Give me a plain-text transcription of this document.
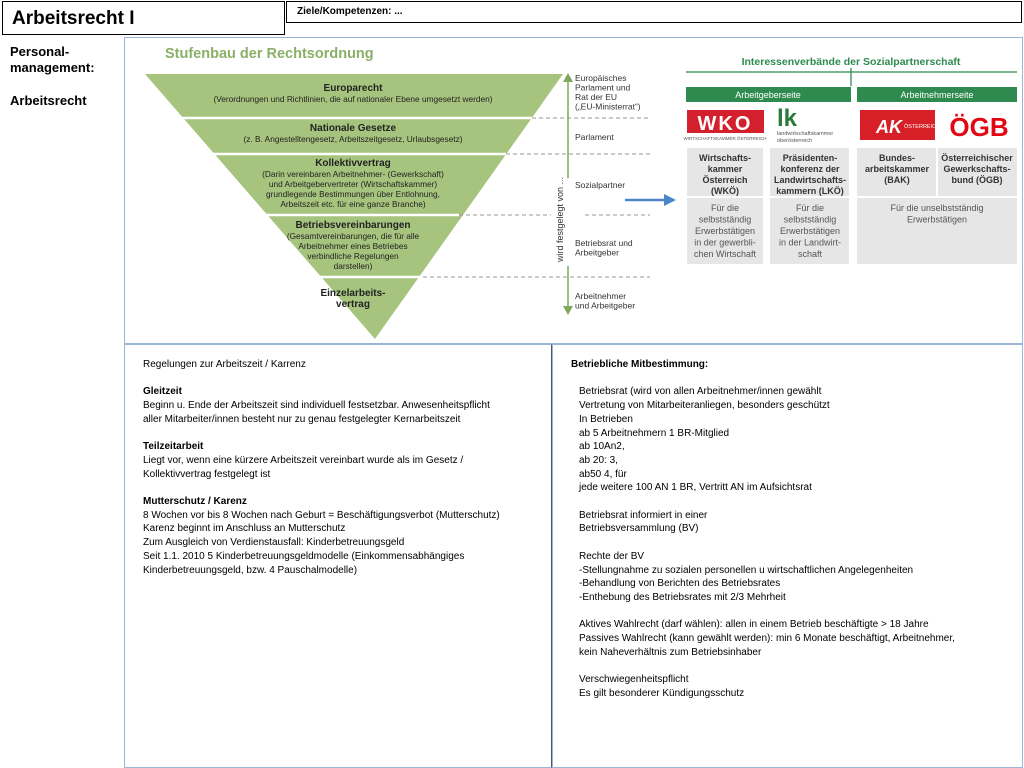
Arbeitsrecht I	Ziele/Kompetenzen: ...
Personal-
management:
Arbeitsrecht
Stufenbau der Rechtsordnung
Europarecht
(Verordnungen und Richtlinien, die auf nationaler Ebene umgesetzt werden)
Nationale Gesetze
(z. B. Angestelltengesetz, Arbeitszeitgesetz, Urlaubsgesetz)
Kollektivvertrag
(Darin vereinbaren Arbeitnehmer- (Gewerkschaft)
und Arbeitgebervertreter (Wirtschaftskammer)
grundlegende Bestimmungen über Entlohnung,
Arbeitszeit etc. für eine ganze Branche)
Betriebsvereinbarungen
(Gesamtvereinbarungen, die für alle
Arbeitnehmer eines Betriebes
verbindliche Regelungen
darstellen)
Einzelarbeits-
vertrag
wird festgelegt von ...
Europäisches
Parlament und
Rat der EU
(„EU-Ministerrat“)
Parlament
Sozialpartner
Betriebsrat und
Arbeitgeber
Arbeitnehmer
und Arbeitgeber
Interessenverbände der Sozialpartnerschaft
Arbeitgeberseite	Arbeitnehmerseite
WKO
WIRTSCHAFTSKAMMER ÖSTERREICH
lk
landwirtschaftskammer
oberösterreich
AK ÖSTERREICH ÖGB
Wirtschafts-
kammer
Österreich
(WKÖ)
Präsidenten-
konferenz der
Landwirtschafts-
kammern (LKÖ)
Bundes-
arbeitskammer
(BAK)
Österreichischer
Gewerkschafts-
bund (ÖGB)
Für die
selbstständig
Erwerbstätigen
in der gewerbli-
chen Wirtschaft
Für die
selbstständig
Erwerbstätigen
in der Landwirt-
schaft
Für die unselbstständig
Erwerbstätigen

Regelungen zur Arbeitszeit / Karrenz

Gleitzeit

Beginn u. Ende der Arbeitszeit sind individuell festsetzbar. Anwesenheitspflicht

aller Mitarbeiter/innen besteht nur zu genau festgelegter Kernarbeitszeit

Teilzeitarbeit

Liegt vor, wenn eine kürzere Arbeitszeit vereinbart wurde als im Gesetz /

Kollektivvertrag festgelegt ist

Mutterschutz / Karenz

8 Wochen vor bis 8 Wochen nach Geburt = Beschäftigungsverbot (Mutterschutz)

Karenz beginnt im Anschluss an Mutterschutz

Zum Ausgleich von Verdienstausfall: Kinderbetreuungsgeld

Seit 1.1. 2010 5 Kinderbetreuungsgeldmodelle (Einkommensabhängiges

Kinderbetreuungsgeld, bzw. 4 Pauschalmodelle)

Betriebliche Mitbestimmung:

Betriebsrat (wird von allen Arbeitnehmer/innen gewählt

Vertretung von Mitarbeiteranliegen, besonders geschützt

In Betrieben

ab 5 Arbeitnehmern 1 BR-Mitglied

ab 10An2,

ab 20: 3,

ab50 4, für

jede weitere 100 AN 1 BR, Vertritt AN im Aufsichtsrat

Betriebsrat informiert in einer

Betriebsversammlung (BV)

Rechte der BV

-Stellungnahme zu sozialen personellen u wirtschaftlichen Angelegenheiten

-Behandlung von Berichten des Betriebsrates

-Enthebung des Betriebsrates mit 2/3 Mehrheit

Aktives Wahlrecht (darf wählen): allen in einem Betrieb beschäftigte > 18 Jahre

Passives Wahlrecht (kann gewählt werden): min 6 Monate beschäftigt, Arbeitnehmer,

kein Naheverhältnis zum Betriebsinhaber

Verschwiegenheitspflicht

Es gilt besonderer Kündigungsschutz
